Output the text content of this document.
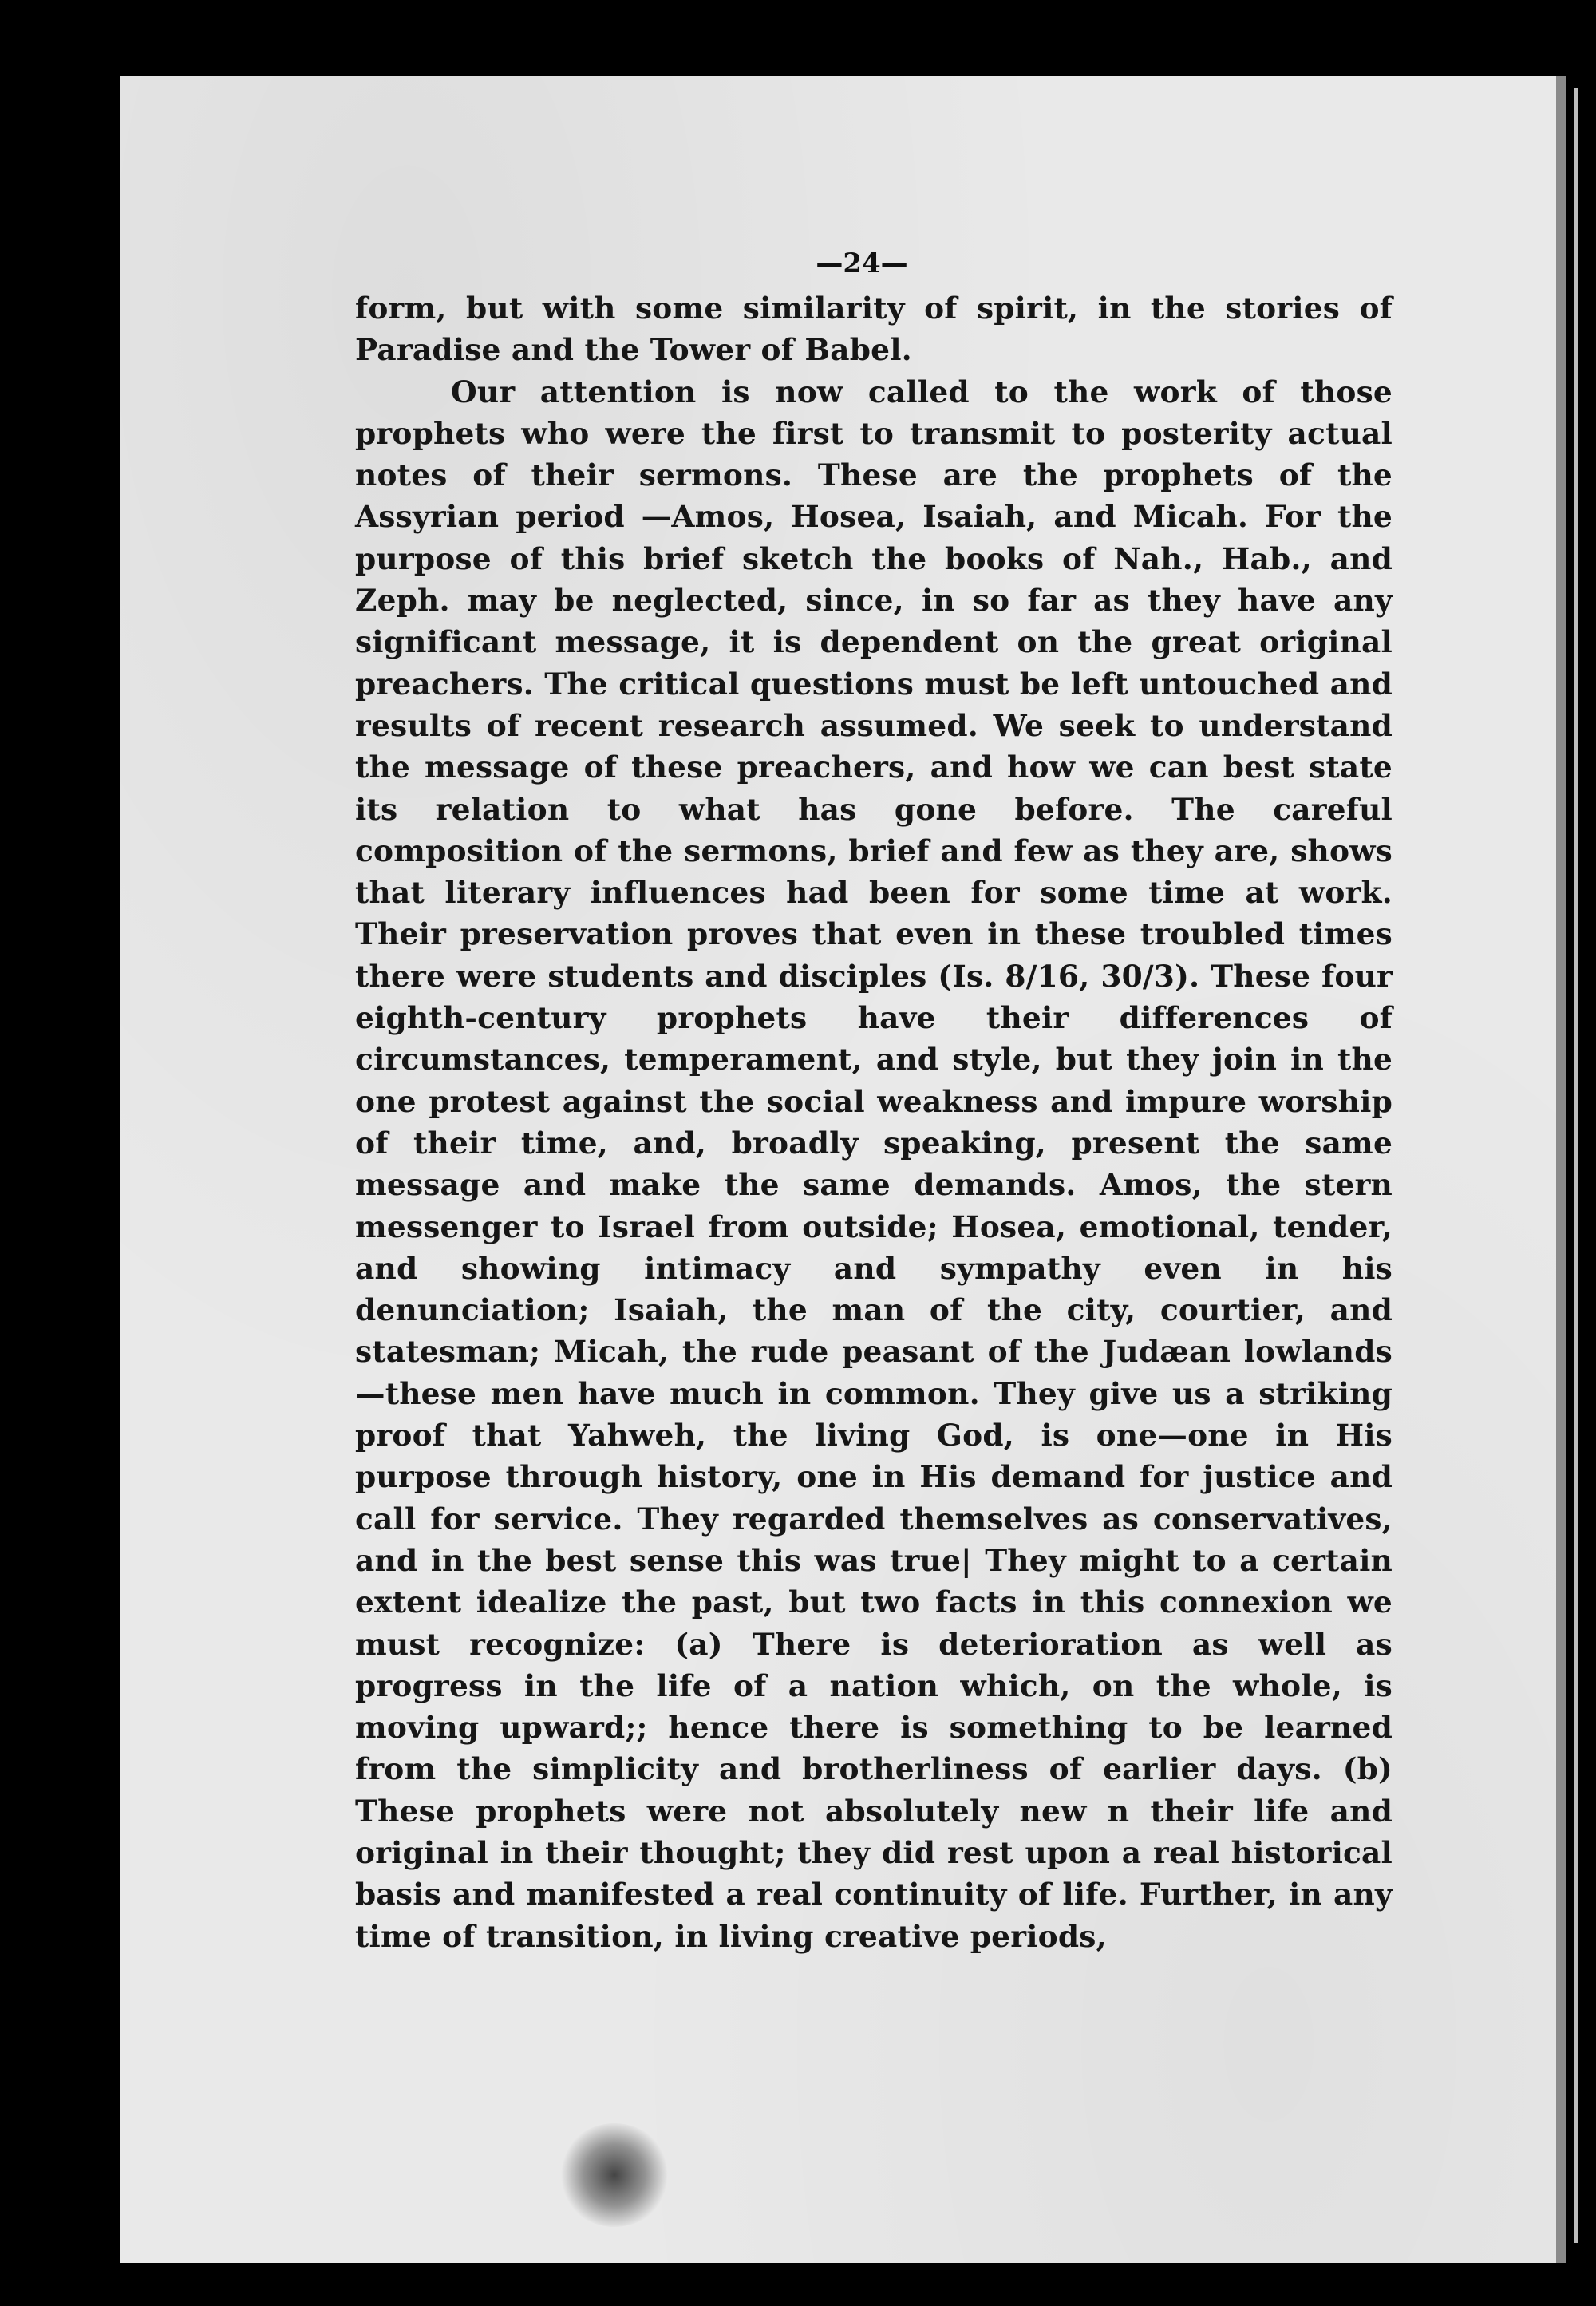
—24—

form, but with some similarity of spirit, in the stories of Paradise and the Tower of Babel.

Our attention is now called to the work of those prophets who were the first to transmit to posterity actual notes of their sermons. These are the prophets of the Assyrian period —Amos, Hosea, Isaiah, and Micah. For the purpose of this brief sketch the books of Nah., Hab., and Zeph. may be neglected, since, in so far as they have any significant message, it is dependent on the great original preachers. The critical questions must be left untouched and results of recent research assumed. We seek to understand the message of these preachers, and how we can best state its relation to what has gone before. The careful composition of the sermons, brief and few as they are, shows that literary influences had been for some time at work. Their preservation proves that even in these troubled times there were students and disciples (Is. 8/16, 30/3). These four eighth-century prophets have their differences of circumstances, temperament, and style, but they join in the one protest against the social weakness and impure worship of their time, and, broadly speaking, present the same message and make the same demands. Amos, the stern messenger to Israel from outside; Hosea, emotional, tender, and showing intimacy and sympathy even in his denunciation; Isaiah, the man of the city, courtier, and statesman; Micah, the rude peasant of the Judæan lowlands—these men have much in common. They give us a striking proof that Yahweh, the living God, is one—one in His purpose through history, one in His demand for justice and call for service. They regarded themselves as conservatives, and in the best sense this was true| They might to a certain extent idealize the past, but two facts in this connexion we must recognize: (a) There is deterioration as well as progress in the life of a nation which, on the whole, is moving upward;; hence there is something to be learned from the simplicity and brotherliness of earlier days. (b) These prophets were not absolutely new n their life and original in their thought; they did rest upon a real historical basis and manifested a real continuity of life. Further, in any time of transition, in living creative periods,
